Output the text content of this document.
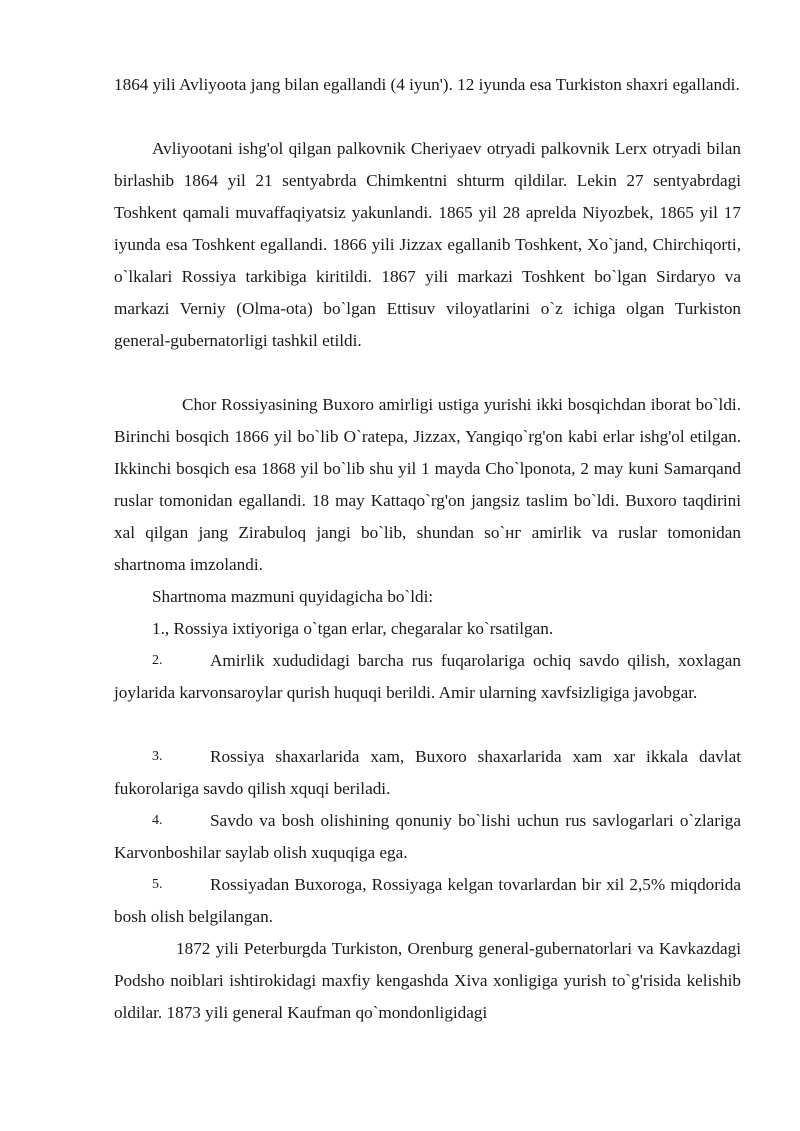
1864 yili Avliyoota jang bilan egallandi (4 iyun'). 12 iyunda esa Turkiston shaxri egallandi.

Avliyootani ishg'ol qilgan palkovnik Cheriyaev otryadi palkovnik Lerx otryadi bilan birlashib 1864 yil 21 sentyabrda Chimkentni shturm qildilar. Lekin 27 sentyabrdagi Toshkent qamali muvaffaqiyatsiz yakunlandi. 1865 yil 28 aprelda Niyozbek, 1865 yil 17 iyunda esa Toshkent egallandi. 1866 yili Jizzax egallanib Toshkent, Xo`jand, Chirchiqorti, o`lkalari Rossiya tarkibiga kiritildi. 1867 yili markazi Toshkent bo`lgan Sirdaryo va markazi Verniy (Olma-ota) bo`lgan Ettisuv viloyatlarini o`z ichiga olgan Turkiston general-gubernatorligi tashkil etildi.

Chor Rossiyasining Buxoro amirligi ustiga yurishi ikki bosqichdan iborat bo`ldi. Birinchi bosqich 1866 yil bo`lib O`ratepa, Jizzax, Yangiqo`rg'on kabi erlar ishg'ol etilgan. Ikkinchi bosqich esa 1868 yil bo`lib shu yil 1 mayda Cho`lponota, 2 may kuni Samarqand ruslar tomonidan egallandi. 18 may Kattaqo`rg'on jangsiz taslim bo`ldi. Buxoro taqdirini xal qilgan jang Zirabuloq jangi bo`lib, shundan so`нг amirlik va ruslar tomonidan shartnoma imzolandi.

Shartnoma mazmuni quyidagicha bo`ldi:

1., Rossiya ixtiyoriga o`tgan erlar, chegaralar ko`rsatilgan.

2.	Amirlik xududidagi barcha rus fuqarolariga ochiq savdo qilish, xoxlagan joylarida karvonsaroylar qurish huquqi berildi. Amir ularning xavfsizligiga javobgar.

3.	Rossiya shaxarlarida xam, Buxoro shaxarlarida xam xar ikkala davlat fukorolariga savdo qilish xquqi beriladi.

4.	Savdo va bosh olishining qonuniy bo`lishi uchun rus savlogarlari o`zlariga Karvonboshilar saylab olish xuquqiga ega.

5.	Rossiyadan Buxoroga, Rossiyaga kelgan tovarlardan bir xil 2,5% miqdorida bosh olish belgilangan.

1872 yili Peterburgda Turkiston, Orenburg general-gubernatorlari va Kavkazdagi Podsho noiblari ishtirokidagi maxfiy kengashda Xiva xonligiga yurish to`g'risida kelishib oldilar. 1873 yili general Kaufman qo`mondonligidagi
